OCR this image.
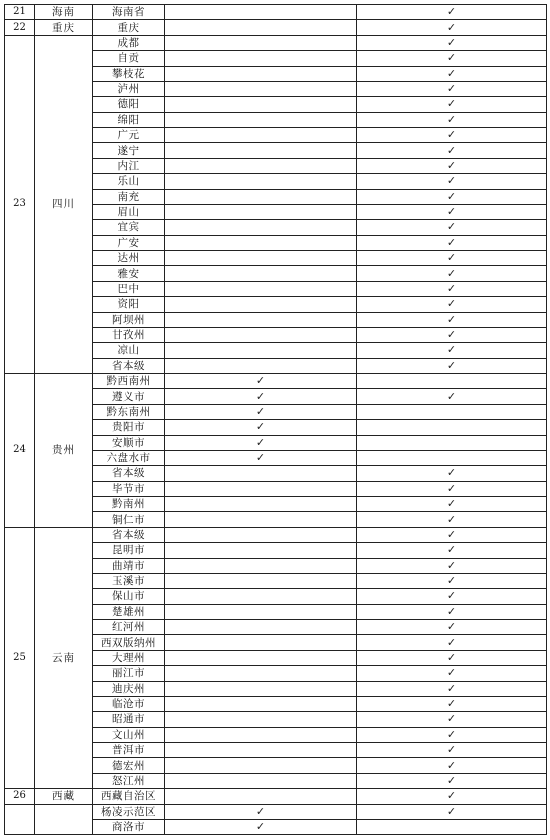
21	海南	海南省		✓
22	重庆	重庆		✓
23	四川	成都		✓
		自贡		✓
		攀枝花		✓
		泸州		✓
		德阳		✓
		绵阳		✓
		广元		✓
		遂宁		✓
		内江		✓
		乐山		✓
		南充		✓
		眉山		✓
		宜宾		✓
		广安		✓
		达州		✓
		雅安		✓
		巴中		✓
		资阳		✓
		阿坝州		✓
		甘孜州		✓
		凉山		✓
		省本级		✓
24	贵州	黔西南州	✓	
		遵义市	✓	✓
		黔东南州	✓	
		贵阳市	✓	
		安顺市	✓	
		六盘水市	✓	
		省本级		✓
		毕节市		✓
		黔南州		✓
		铜仁市		✓
25	云南	省本级		✓
		昆明市		✓
		曲靖市		✓
		玉溪市		✓
		保山市		✓
		楚雄州		✓
		红河州		✓
		西双版纳州		✓
		大理州		✓
		丽江市		✓
		迪庆州		✓
		临沧市		✓
		昭通市		✓
		文山州		✓
		普洱市		✓
		德宏州		✓
		怒江州		✓
26	西藏	西藏自治区		✓
		杨凌示范区	✓	✓
		商洛市	✓	
